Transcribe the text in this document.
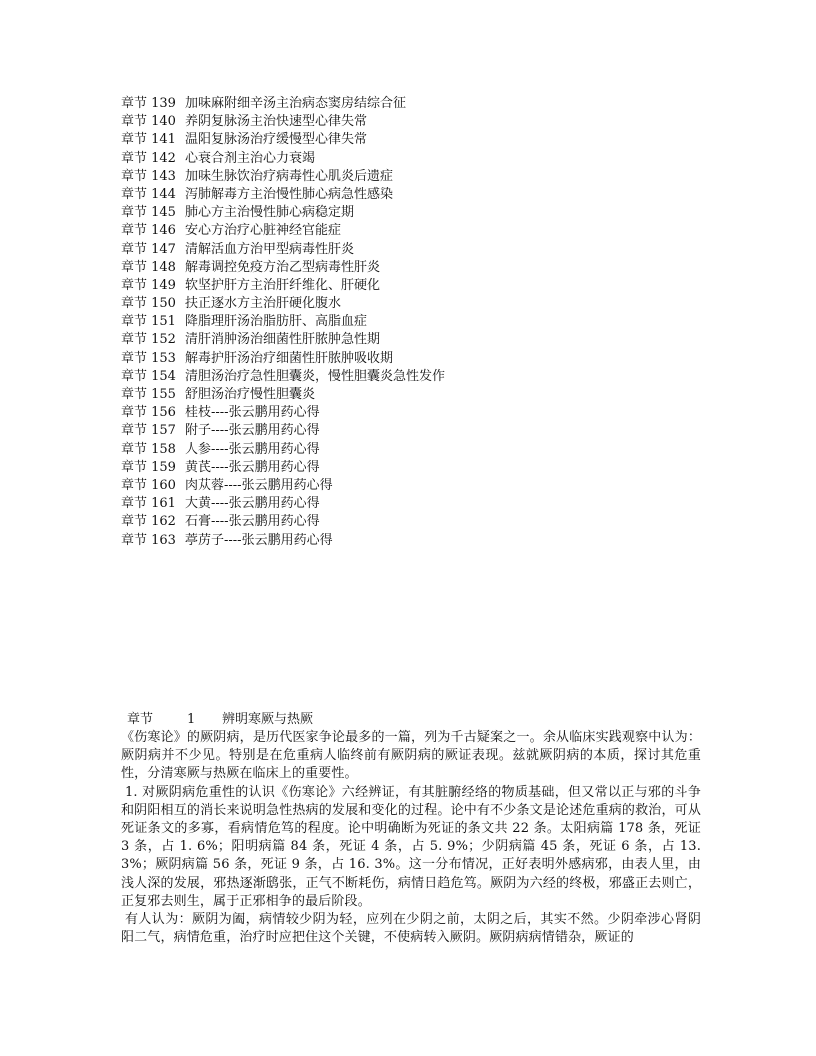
章节 139 加味麻附细辛汤主治病态窦房结综合征
章节 140 养阴复脉汤主治快速型心律失常
章节 141 温阳复脉汤治疗缓慢型心律失常
章节 142 心衰合剂主治心力衰竭
章节 143 加味生脉饮治疗病毒性心肌炎后遗症
章节 144 泻肺解毒方主治慢性肺心病急性感染
章节 145 肺心方主治慢性肺心病稳定期
章节 146 安心方治疗心脏神经官能症
章节 147 清解活血方治甲型病毒性肝炎
章节 148 解毒调控免疫方治乙型病毒性肝炎
章节 149 软坚护肝方主治肝纤维化、肝硬化
章节 150 扶正逐水方主治肝硬化腹水
章节 151 降脂理肝汤治脂肪肝、高脂血症
章节 152 清肝消肿汤治细菌性肝脓肿急性期
章节 153 解毒护肝汤治疗细菌性肝脓肿吸收期
章节 154 清胆汤治疗急性胆囊炎，慢性胆囊炎急性发作
章节 155 舒胆汤治疗慢性胆囊炎
章节 156 桂枝----张云鹏用药心得
章节 157 附子----张云鹏用药心得
章节 158 人参----张云鹏用药心得
章节 159 黄芪----张云鹏用药心得
章节 160 肉苁蓉----张云鹏用药心得
章节 161 大黄----张云鹏用药心得
章节 162 石膏----张云鹏用药心得
章节 163 葶苈子----张云鹏用药心得
章节	1 辨明寒厥与热厥

《伤寒论》的厥阴病，是历代医家争论最多的一篇，列为千古疑案之一。余从临床实践观察中认为：厥阴病并不少见。特别是在危重病人临终前有厥阴病的厥证表现。兹就厥阴病的本质，探讨其危重性，分清寒厥与热厥在临床上的重要性。

1. 对厥阴病危重性的认识《伤寒论》六经辨证，有其脏腑经络的物质基础，但又常以正与邪的斗争和阴阳相互的消长来说明急性热病的发展和变化的过程。论中有不少条文是论述危重病的救治，可从死证条文的多寡，看病情危笃的程度。论中明确断为死证的条文共 22 条。太阳病篇 178 条，死证 3 条，占 1. 6%；阳明病篇 84 条，死证 4 条，占 5. 9%；少阴病篇 45 条，死证 6 条，占 13. 3%；厥阴病篇 56 条，死证 9 条，占 16. 3%。这一分布情况，正好表明外感病邪，由表人里，由浅人深的发展，邪热逐渐鸱张，正气不断耗伤，病情日趋危笃。厥阴为六经的终极，邪盛正去则亡，正复邪去则生，属于正邪相争的最后阶段。

有人认为：厥阴为阖，病情较少阴为轻，应列在少阴之前，太阴之后，其实不然。少阴牵涉心肾阴阳二气，病情危重，治疗时应把住这个关键，不使病转入厥阴。厥阴病病情错杂，厥证的
